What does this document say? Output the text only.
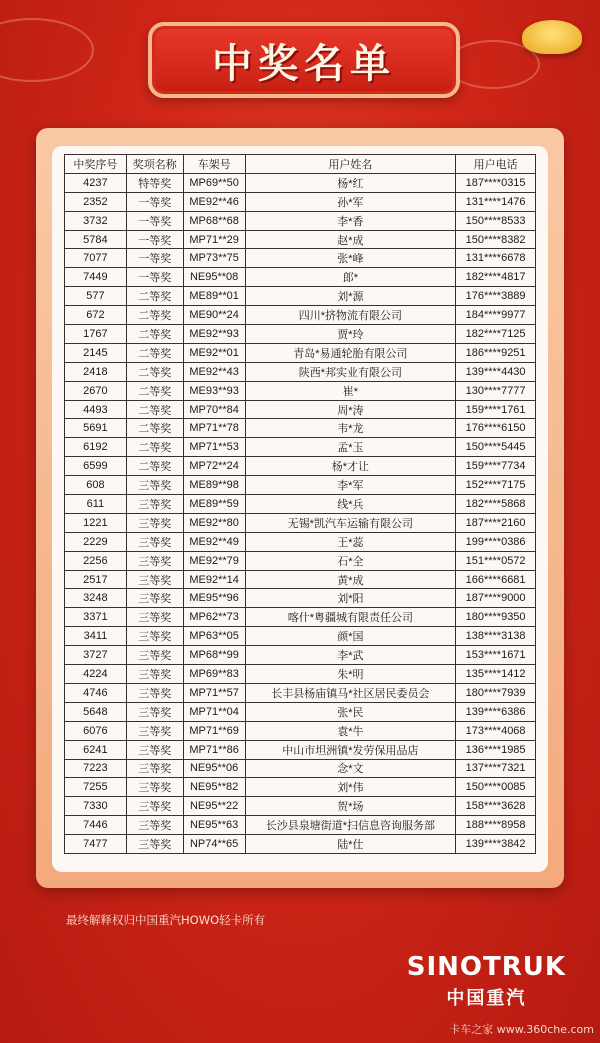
中奖名单
中奖序号	奖项名称	车架号	用户姓名	用户电话
4237	特等奖	MP69**50	杨*红	187****0315
2352	一等奖	ME92**46	孙*军	131****1476
3732	一等奖	MP68**68	李*香	150****8533
5784	一等奖	MP71**29	赵*成	150****8382
7077	一等奖	MP73**75	张*峰	131****6678
7449	一等奖	NE95**08	郎*	182****4817
577	二等奖	ME89**01	刘*源	176****3889
672	二等奖	ME90**24	四川*挤物流有限公司	184****9977
1767	二等奖	ME92**93	贾*玲	182****7125
2145	二等奖	ME92**01	青岛*易通轮胎有限公司	186****9251
2418	二等奖	ME92**43	陕西*邦实业有限公司	139****4430
2670	二等奖	ME93**93	崔*	130****7777
4493	二等奖	MP70**84	周*涛	159****1761
5691	二等奖	MP71**78	韦*龙	176****6150
6192	二等奖	MP71**53	孟*玉	150****5445
6599	二等奖	MP72**24	杨*才让	159****7734
608	三等奖	ME89**98	李*军	152****7175
611	三等奖	ME89**59	线*兵	182****5868
1221	三等奖	ME92**80	无锡*凯汽车运输有限公司	187****2160
2229	三等奖	ME92**49	王*蕊	199****0386
2256	三等奖	ME92**79	石*全	151****0572
2517	三等奖	ME92**14	黄*成	166****6681
3248	三等奖	ME95**96	刘*阳	187****9000
3371	三等奖	MP62**73	喀什*粤疆城有限责任公司	180****9350
3411	三等奖	MP63**05	颜*国	138****3138
3727	三等奖	MP68**99	李*武	153****1671
4224	三等奖	MP69**83	朱*明	135****1412
4746	三等奖	MP71**57	长丰县杨庙镇马*社区居民委员会	180****7939
5648	三等奖	MP71**04	张*民	139****6386
6076	三等奖	MP71**69	袁*牛	173****4068
6241	三等奖	MP71**86	中山市坦洲镇*发劳保用品店	136****1985
7223	三等奖	NE95**06	念*文	137****7321
7255	三等奖	NE95**82	刘*伟	150****0085
7330	三等奖	NE95**22	贺*场	158****3628
7446	三等奖	NE95**63	长沙县泉塘街道*扫信息咨询服务部	188****8958
7477	三等奖	NP74**65	陆*仕	139****3842
最终解释权归中国重汽HOWO轻卡所有
SINOTRUK
中国重汽
卡车之家 www.360che.com
